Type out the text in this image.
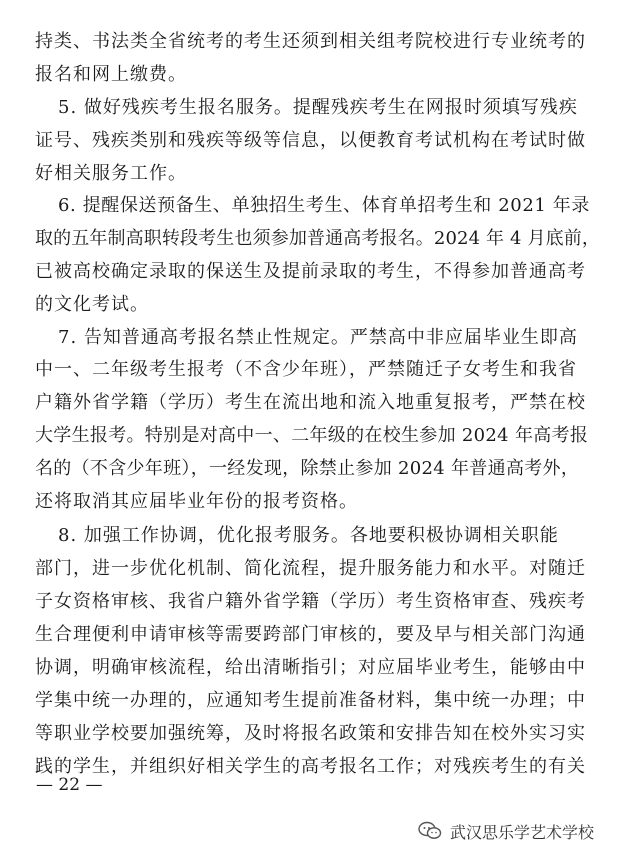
持类、书法类全省统考的考生还须到相关组考院校进行专业统考的
报名和网上缴费。
5. 做好残疾考生报名服务。提醒残疾考生在网报时须填写残疾
证号、残疾类别和残疾等级等信息，以便教育考试机构在考试时做
好相关服务工作。
6. 提醒保送预备生、单独招生考生、体育单招考生和 2021 年录
取的五年制高职转段考生也须参加普通高考报名。2024 年 4 月底前，
已被高校确定录取的保送生及提前录取的考生，不得参加普通高考
的文化考试。
7. 告知普通高考报名禁止性规定。严禁高中非应届毕业生即高
中一、二年级考生报考（不含少年班），严禁随迁子女考生和我省
户籍外省学籍（学历）考生在流出地和流入地重复报考，严禁在校
大学生报考。特别是对高中一、二年级的在校生参加 2024 年高考报
名的（不含少年班），一经发现，除禁止参加 2024 年普通高考外，
还将取消其应届毕业年份的报考资格。
8. 加强工作协调，优化报考服务。各地要积极协调相关职能
部门，进一步优化机制、简化流程，提升服务能力和水平。对随迁
子女资格审核、我省户籍外省学籍（学历）考生资格审查、残疾考
生合理便利申请审核等需要跨部门审核的，要及早与相关部门沟通
协调，明确审核流程，给出清晰指引；对应届毕业考生，能够由中
学集中统一办理的，应通知考生提前准备材料，集中统一办理；中
等职业学校要加强统筹，及时将报名政策和安排告知在校外实习实
践的学生，并组织好相关学生的高考报名工作；对残疾考生的有关
— 22 —
武汉思乐学艺术学校
